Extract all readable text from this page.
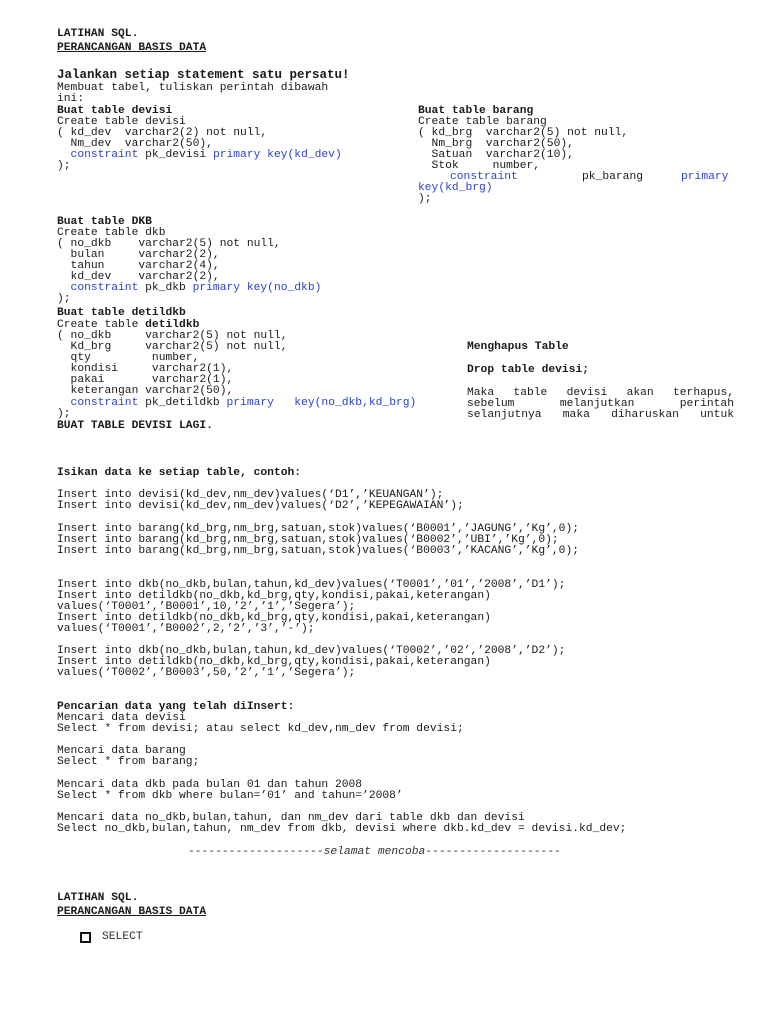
LATIHAN SQL.
PERANCANGAN BASIS DATA
Jalankan setiap statement satu persatu!
Membuat tabel, tuliskan perintah dibawah
ini:
Buat table devisi
Create table devisi
( kd_dev  varchar2(2) not null,
Nm_dev  varchar2(50),
constraint pk_devisi primary key(kd_dev)
);
Buat table barang
Create table barang
( kd_brg  varchar2(5) not null,
Nm_brg  varchar2(50),
Satuan  varchar2(10),
Stok     number,
constraint	pk_barang	primary
key(kd_brg)
);
Buat table DKB
Create table dkb
( no_dkb    varchar2(5) not null,
bulan     varchar2(2),
tahun     varchar2(4),
kd_dev    varchar2(2),
constraint pk_dkb primary key(no_dkb)
);
Buat table detildkb
Create table detildkb
( no_dkb     varchar2(5) not null,
Kd_brg     varchar2(5) not null,
qty         number,
kondisi     varchar2(1),
pakai       varchar2(1),
keterangan varchar2(50),
constraint pk_detildkb primary   key(no_dkb,kd_brg)
);
BUAT TABLE DEVISI LAGI.
Menghapus Table
Drop table devisi;
Maka table devisi akan terhapus,
sebelum melanjutkan perintah
selanjutnya maka diharuskan untuk
Isikan data ke setiap table, contoh:
Insert into devisi(kd_dev,nm_dev)values(‘D1’,’KEUANGAN’);
Insert into devisi(kd_dev,nm_dev)values(‘D2’,’KEPEGAWAIAN’);
Insert into barang(kd_brg,nm_brg,satuan,stok)values(‘B0001’,’JAGUNG’,’Kg’,0);
Insert into barang(kd_brg,nm_brg,satuan,stok)values(‘B0002’,’UBI’,’Kg’,0);
Insert into barang(kd_brg,nm_brg,satuan,stok)values(‘B0003’,’KACANG’,’Kg’,0);
Insert into dkb(no_dkb,bulan,tahun,kd_dev)values(‘T0001’,’01’,’2008’,’D1’);
Insert into detildkb(no_dkb,kd_brg,qty,kondisi,pakai,keterangan)
values(‘T0001’,’B0001’,10,’2’,’1’,’Segera’);
Insert into detildkb(no_dkb,kd_brg,qty,kondisi,pakai,keterangan)
values(‘T0001’,’B0002’,2,’2’,’3’,’-’);
Insert into dkb(no_dkb,bulan,tahun,kd_dev)values(‘T0002’,’02’,’2008’,’D2’);
Insert into detildkb(no_dkb,kd_brg,qty,kondisi,pakai,keterangan)
values(‘T0002’,’B0003’,50,’2’,’1’,’Segera’);
Pencarian data yang telah diInsert:
Mencari data devisi
Select * from devisi; atau select kd_dev,nm_dev from devisi;
Mencari data barang
Select * from barang;
Mencari data dkb pada bulan 01 dan tahun 2008
Select * from dkb where bulan=’01’ and tahun=’2008’
Mencari data no_dkb,bulan,tahun, dan nm_dev dari table dkb dan devisi
Select no_dkb,bulan,tahun, nm_dev from dkb, devisi where dkb.kd_dev = devisi.kd_dev;
--------------------selamat mencoba--------------------
LATIHAN SQL.
PERANCANGAN BASIS DATA
SELECT
